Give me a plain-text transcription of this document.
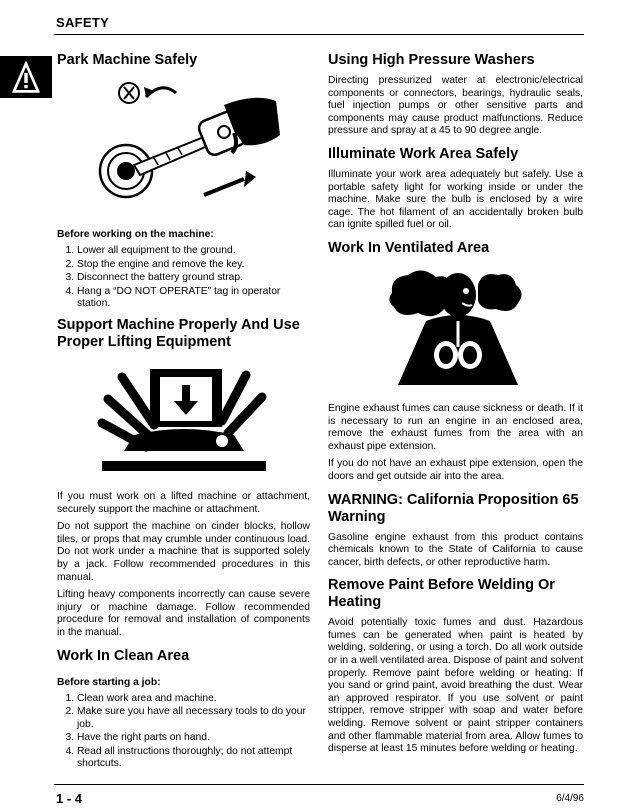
SAFETY
Park Machine Safely
Before working on the machine:
1. Lower all equipment to the ground.
2. Stop the engine and remove the key.
3. Disconnect the battery ground strap.
4. Hang a “DO NOT OPERATE” tag in operator station.
Support Machine Properly And Use Proper Lifting Equipment

If you must work on a lifted machine or attachment, securely support the machine or attachment.

Do not support the machine on cinder blocks, hollow tiles, or props that may crumble under continuous load. Do not work under a machine that is supported solely by a jack. Follow recommended procedures in this manual.

Lifting heavy components incorrectly can cause severe injury or machine damage. Follow recommended procedure for removal and installation of components in the manual.

Work In Clean Area
Before starting a job:
1. Clean work area and machine.
2. Make sure you have all necessary tools to do your job.
3. Have the right parts on hand.
4. Read all instructions thoroughly; do not attempt shortcuts.
Using High Pressure Washers

Directing pressurized water at electronic/electrical components or connectors, bearings, hydraulic seals, fuel injection pumps or other sensitive parts and components may cause product malfunctions. Reduce pressure and spray at a 45 to 90 degree angle.

Illuminate Work Area Safely

Illuminate your work area adequately but safely. Use a portable safety light for working inside or under the machine. Make sure the bulb is enclosed by a wire cage. The hot filament of an accidentally broken bulb can ignite spilled fuel or oil.

Work In Ventilated Area

Engine exhaust fumes can cause sickness or death. If it is necessary to run an engine in an enclosed area, remove the exhaust fumes from the area with an exhaust pipe extension.

If you do not have an exhaust pipe extension, open the doors and get outside air into the area.

WARNING: California Proposition 65 Warning

Gasoline engine exhaust from this product contains chemicals known to the State of California to cause cancer, birth defects, or other reproductive harm.

Remove Paint Before Welding Or Heating

Avoid potentially toxic fumes and dust. Hazardous fumes can be generated when paint is heated by welding, soldering, or using a torch. Do all work outside or in a well ventilated area. Dispose of paint and solvent properly. Remove paint before welding or heating: If you sand or grind paint, avoid breathing the dust. Wear an approved respirator. If you use solvent or paint stripper, remove stripper with soap and water before welding. Remove solvent or paint stripper containers and other flammable material from area. Allow fumes to disperse at least 15 minutes before welding or heating.

1 - 4	6/4/96
